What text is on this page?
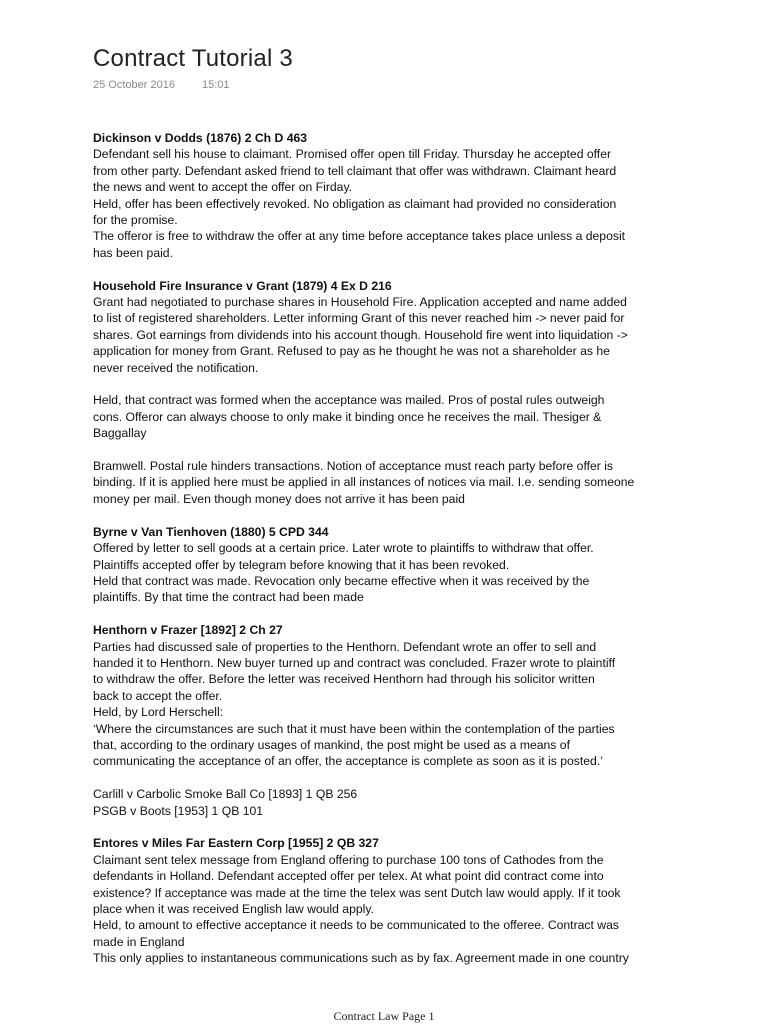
Contract Tutorial 3
25 October 2016 15:01

Dickinson v Dodds (1876) 2 Ch D 463

Defendant sell his house to claimant. Promised offer open till Friday. Thursday he accepted offer

from other party. Defendant asked friend to tell claimant that offer was withdrawn. Claimant heard

the news and went to accept the offer on Firday.

Held, offer has been effectively revoked. No obligation as claimant had provided no consideration

for the promise.

The offeror is free to withdraw the offer at any time before acceptance takes place unless a deposit

has been paid.

Household Fire Insurance v Grant (1879) 4 Ex D 216

Grant had negotiated to purchase shares in Household Fire. Application accepted and name added

to list of registered shareholders. Letter informing Grant of this never reached him -> never paid for

shares. Got earnings from dividends into his account though. Household fire went into liquidation ->

application for money from Grant. Refused to pay as he thought he was not a shareholder as he

never received the notification.

Held, that contract was formed when the acceptance was mailed. Pros of postal rules outweigh

cons. Offeror can always choose to only make it binding once he receives the mail. Thesiger &

Baggallay

Bramwell. Postal rule hinders transactions. Notion of acceptance must reach party before offer is

binding. If it is applied here must be applied in all instances of notices via mail. I.e. sending someone

money per mail. Even though money does not arrive it has been paid

Byrne v Van Tienhoven (1880) 5 CPD 344

Offered by letter to sell goods at a certain price. Later wrote to plaintiffs to withdraw that offer.

Plaintiffs accepted offer by telegram before knowing that it has been revoked.

Held that contract was made. Revocation only became effective when it was received by the

plaintiffs. By that time the contract had been made

Henthorn v Frazer [1892] 2 Ch 27

Parties had discussed sale of properties to the Henthorn. Defendant wrote an offer to sell and

handed it to Henthorn. New buyer turned up and contract was concluded. Frazer wrote to plaintiff

to withdraw the offer. Before the letter was received Henthorn had through his solicitor written

back to accept the offer.

Held, by Lord Herschell:

‘Where the circumstances are such that it must have been within the contemplation of the parties

that, according to the ordinary usages of mankind, the post might be used as a means of

communicating the acceptance of an offer, the acceptance is complete as soon as it is posted.’

Carlill v Carbolic Smoke Ball Co [1893] 1 QB 256

PSGB v Boots [1953] 1 QB 101

Entores v Miles Far Eastern Corp [1955] 2 QB 327

Claimant sent telex message from England offering to purchase 100 tons of Cathodes from the

defendants in Holland. Defendant accepted offer per telex. At what point did contract come into

existence? If acceptance was made at the time the telex was sent Dutch law would apply. If it took

place when it was received English law would apply.

Held, to amount to effective acceptance it needs to be communicated to the offeree. Contract was

made in England

This only applies to instantaneous communications such as by fax. Agreement made in one country

Contract Law Page 1
